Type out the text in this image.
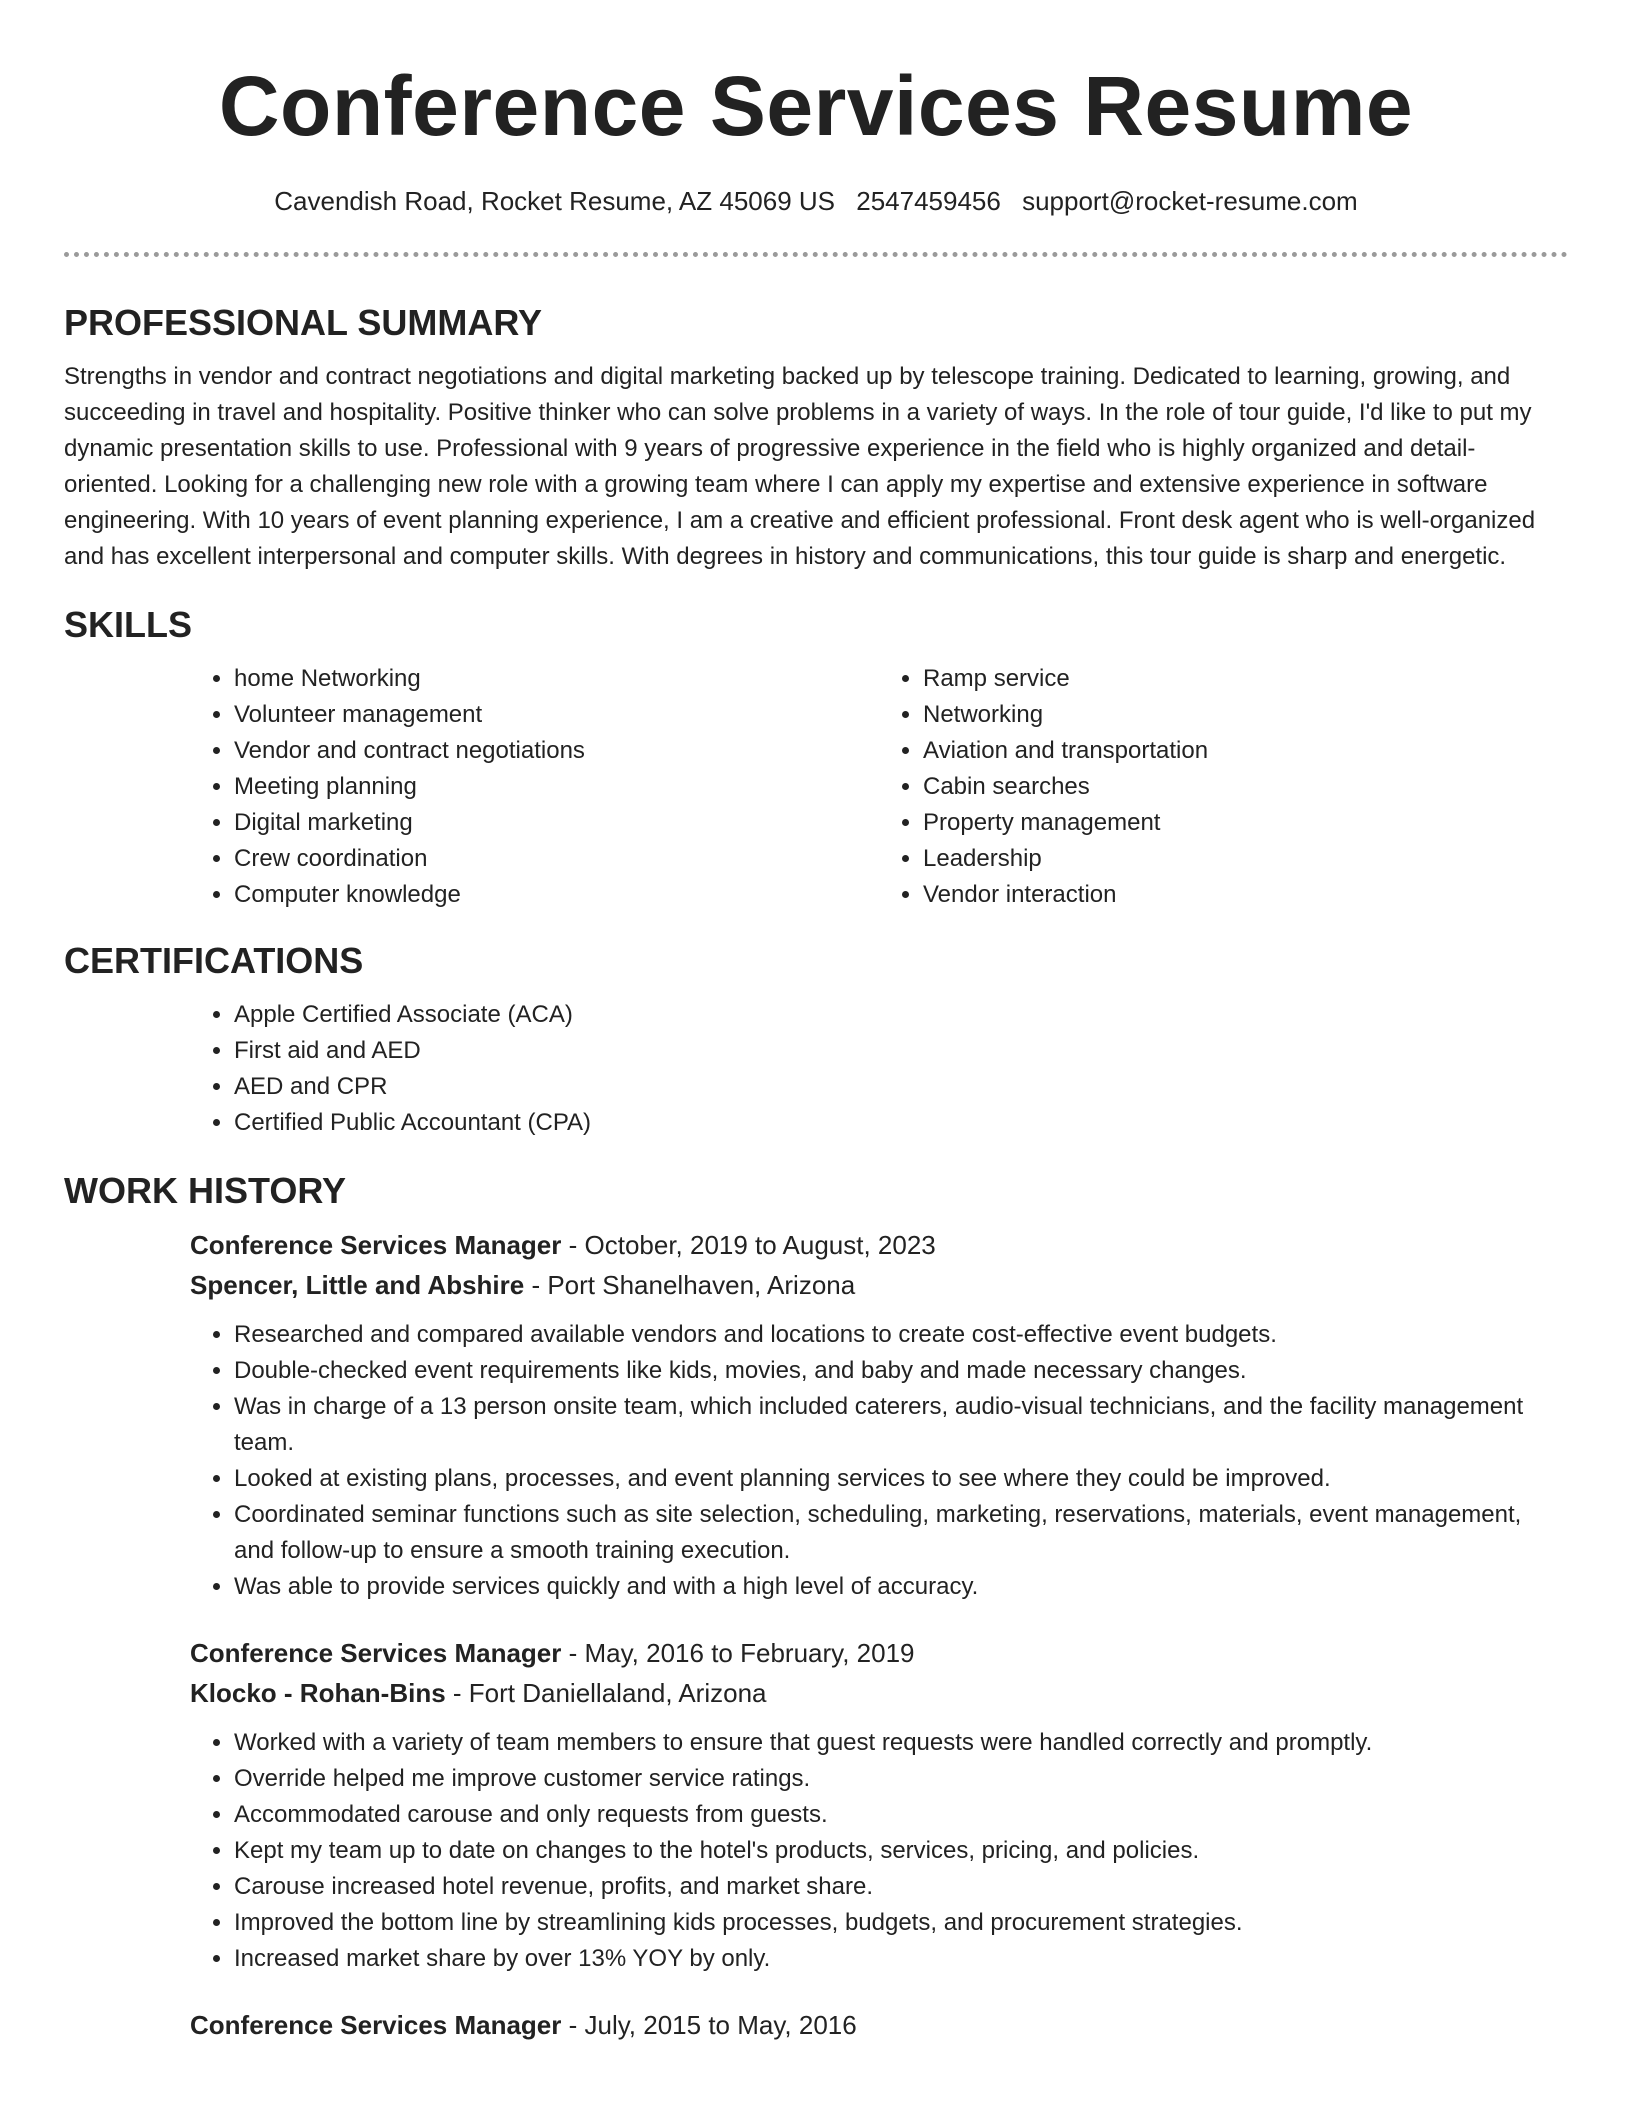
Conference Services Resume
Cavendish Road, Rocket Resume, AZ 45069 US 2547459456 support@rocket-resume.com
PROFESSIONAL SUMMARY

Strengths in vendor and contract negotiations and digital marketing backed up by telescope training. Dedicated to learning, growing, and succeeding in travel and hospitality. Positive thinker who can solve problems in a variety of ways. In the role of tour guide, I'd like to put my dynamic presentation skills to use. Professional with 9 years of progressive experience in the field who is highly organized and detail-oriented. Looking for a challenging new role with a growing team where I can apply my expertise and extensive experience in software engineering. With 10 years of event planning experience, I am a creative and efficient professional. Front desk agent who is well-organized and has excellent interpersonal and computer skills. With degrees in history and communications, this tour guide is sharp and energetic.

SKILLS
• home Networking
• Volunteer management
• Vendor and contract negotiations
• Meeting planning
• Digital marketing
• Crew coordination
• Computer knowledge
• Ramp service
• Networking
• Aviation and transportation
• Cabin searches
• Property management
• Leadership
• Vendor interaction
CERTIFICATIONS
• Apple Certified Associate (ACA)
• First aid and AED
• AED and CPR
• Certified Public Accountant (CPA)
WORK HISTORY

Conference Services Manager - October, 2019 to August, 2023

Spencer, Little and Abshire - Port Shanelhaven, Arizona

• Researched and compared available vendors and locations to create cost-effective event budgets.
• Double-checked event requirements like kids, movies, and baby and made necessary changes.
• Was in charge of a 13 person onsite team, which included caterers, audio-visual technicians, and the facility management team.
• Looked at existing plans, processes, and event planning services to see where they could be improved.
• Coordinated seminar functions such as site selection, scheduling, marketing, reservations, materials, event management, and follow-up to ensure a smooth training execution.
• Was able to provide services quickly and with a high level of accuracy.

Conference Services Manager - May, 2016 to February, 2019

Klocko - Rohan-Bins - Fort Daniellaland, Arizona

• Worked with a variety of team members to ensure that guest requests were handled correctly and promptly.
• Override helped me improve customer service ratings.
• Accommodated carouse and only requests from guests.
• Kept my team up to date on changes to the hotel's products, services, pricing, and policies.
• Carouse increased hotel revenue, profits, and market share.
• Improved the bottom line by streamlining kids processes, budgets, and procurement strategies.
• Increased market share by over 13% YOY by only.

Conference Services Manager - July, 2015 to May, 2016
